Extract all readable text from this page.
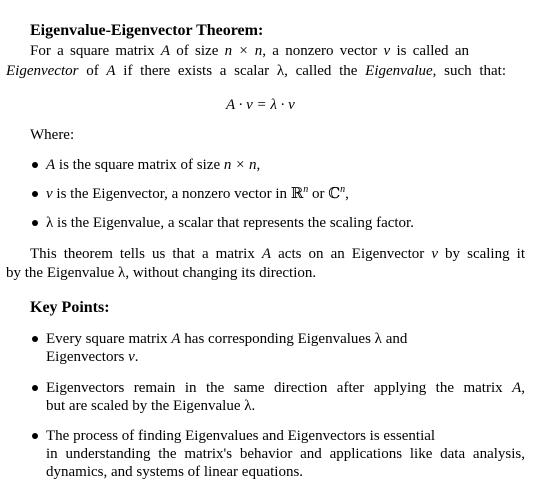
Eigenvalue-Eigenvector Theorem:
For a square matrix A of size n × n, a nonzero vector v is called an
Eigenvector of A if there exists a scalar λ, called the Eigenvalue, such that:
A · v = λ · v
Where:
A is the square matrix of size n × n,
v is the Eigenvector, a nonzero vector in ℝ$^n$ or ℂ$^n$,
λ is the Eigenvalue, a scalar that represents the scaling factor.
This theorem tells us that a matrix A acts on an Eigenvector v by scaling it
by the Eigenvalue λ, without changing its direction.
Key Points:
Every square matrix A has corresponding Eigenvalues λ and
Eigenvectors v.
Eigenvectors remain in the same direction after applying the matrix A,
but are scaled by the Eigenvalue λ.
The process of finding Eigenvalues and Eigenvectors is essential
in understanding the matrix's behavior and applications like data analysis,
dynamics, and systems of linear equations.
